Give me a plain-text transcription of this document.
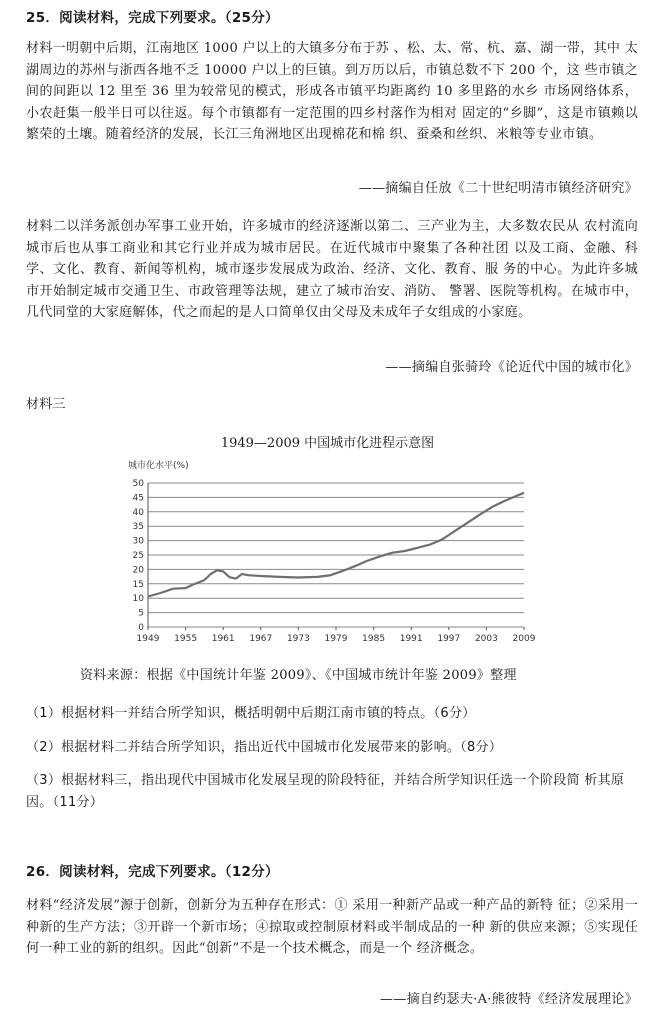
25．阅读材料，完成下列要求。（25分）
材料一明朝中后期，江南地区 1000 户以上的大镇多分布于苏 、松、太、常、杭、嘉、湖一带，其中 太湖周边的苏州与浙西各地不乏 10000 户以上的巨镇。到万历以后，市镇总数不下 200 个，这 些市镇之间的间距以 12 里至 36 里为较常见的模式，形成各市镇平均距离约 10 多里路的水乡 市场网络体系，小农赶集一般半日可以往返。每个市镇都有一定范围的四乡村落作为相对 固定的“乡脚”，这是市镇赖以繁荣的土壤。随着经济的发展，长江三角洲地区出现棉花和棉 织、蚕桑和丝织、米粮等专业市镇。
——摘编自任放《二十世纪明清市镇经济研究》
材料二以洋务派创办军事工业开始，许多城市的经济逐渐以第二、三产业为主，大多数农民从 农村流向城市后也从事工商业和其它行业并成为城市居民。在近代城市中聚集了各种社团 以及工商、金融、科学、文化、教育、新闻等机构，城市逐步发展成为政治、经济、文化、教育、服 务的中心。为此许多城市开始制定城市交通卫生、市政管理等法规，建立了城市治安、消防、 警署、医院等机构。在城市中，几代同堂的大家庭解体，代之而起的是人口简单仅由父母及未成年子女组成的小家庭。
——摘编自张骑玲《论近代中国的城市化》
材料三
1949—2009 中国城市化进程示意图
城市化水平(%)
0
5
10
15
20
25
30
35
40
45
50
1949 1955 1961 1967 1973 1979 1985 1991 1997 2003 2009
资料来源：根据《中国统计年鉴 2009》、《中国城市统计年鉴 2009》整理
（1）根据材料一并结合所学知识，概括明朝中后期江南市镇的特点。（6分）
（2）根据材料二并结合所学知识，指出近代中国城市化发展带来的影响。（8分）
（3）根据材料三，指出现代中国城市化发展呈现的阶段特征，并结合所学知识任选一个阶段简 析其原因。（11分）
26．阅读材料，完成下列要求。（12分）
材料“经济发展”源于创新，创新分为五种存在形式：① 采用一种新产品或一种产品的新特 征；②采用一种新的生产方法；③开辟一个新市场；④掠取或控制原材料或半制成品的一种 新的供应来源；⑤实现任何一种工业的新的组织。因此“创新”不是一个技术概念，而是一个 经济概念。
——摘自约瑟夫·A·熊彼特《经济发展理论》
